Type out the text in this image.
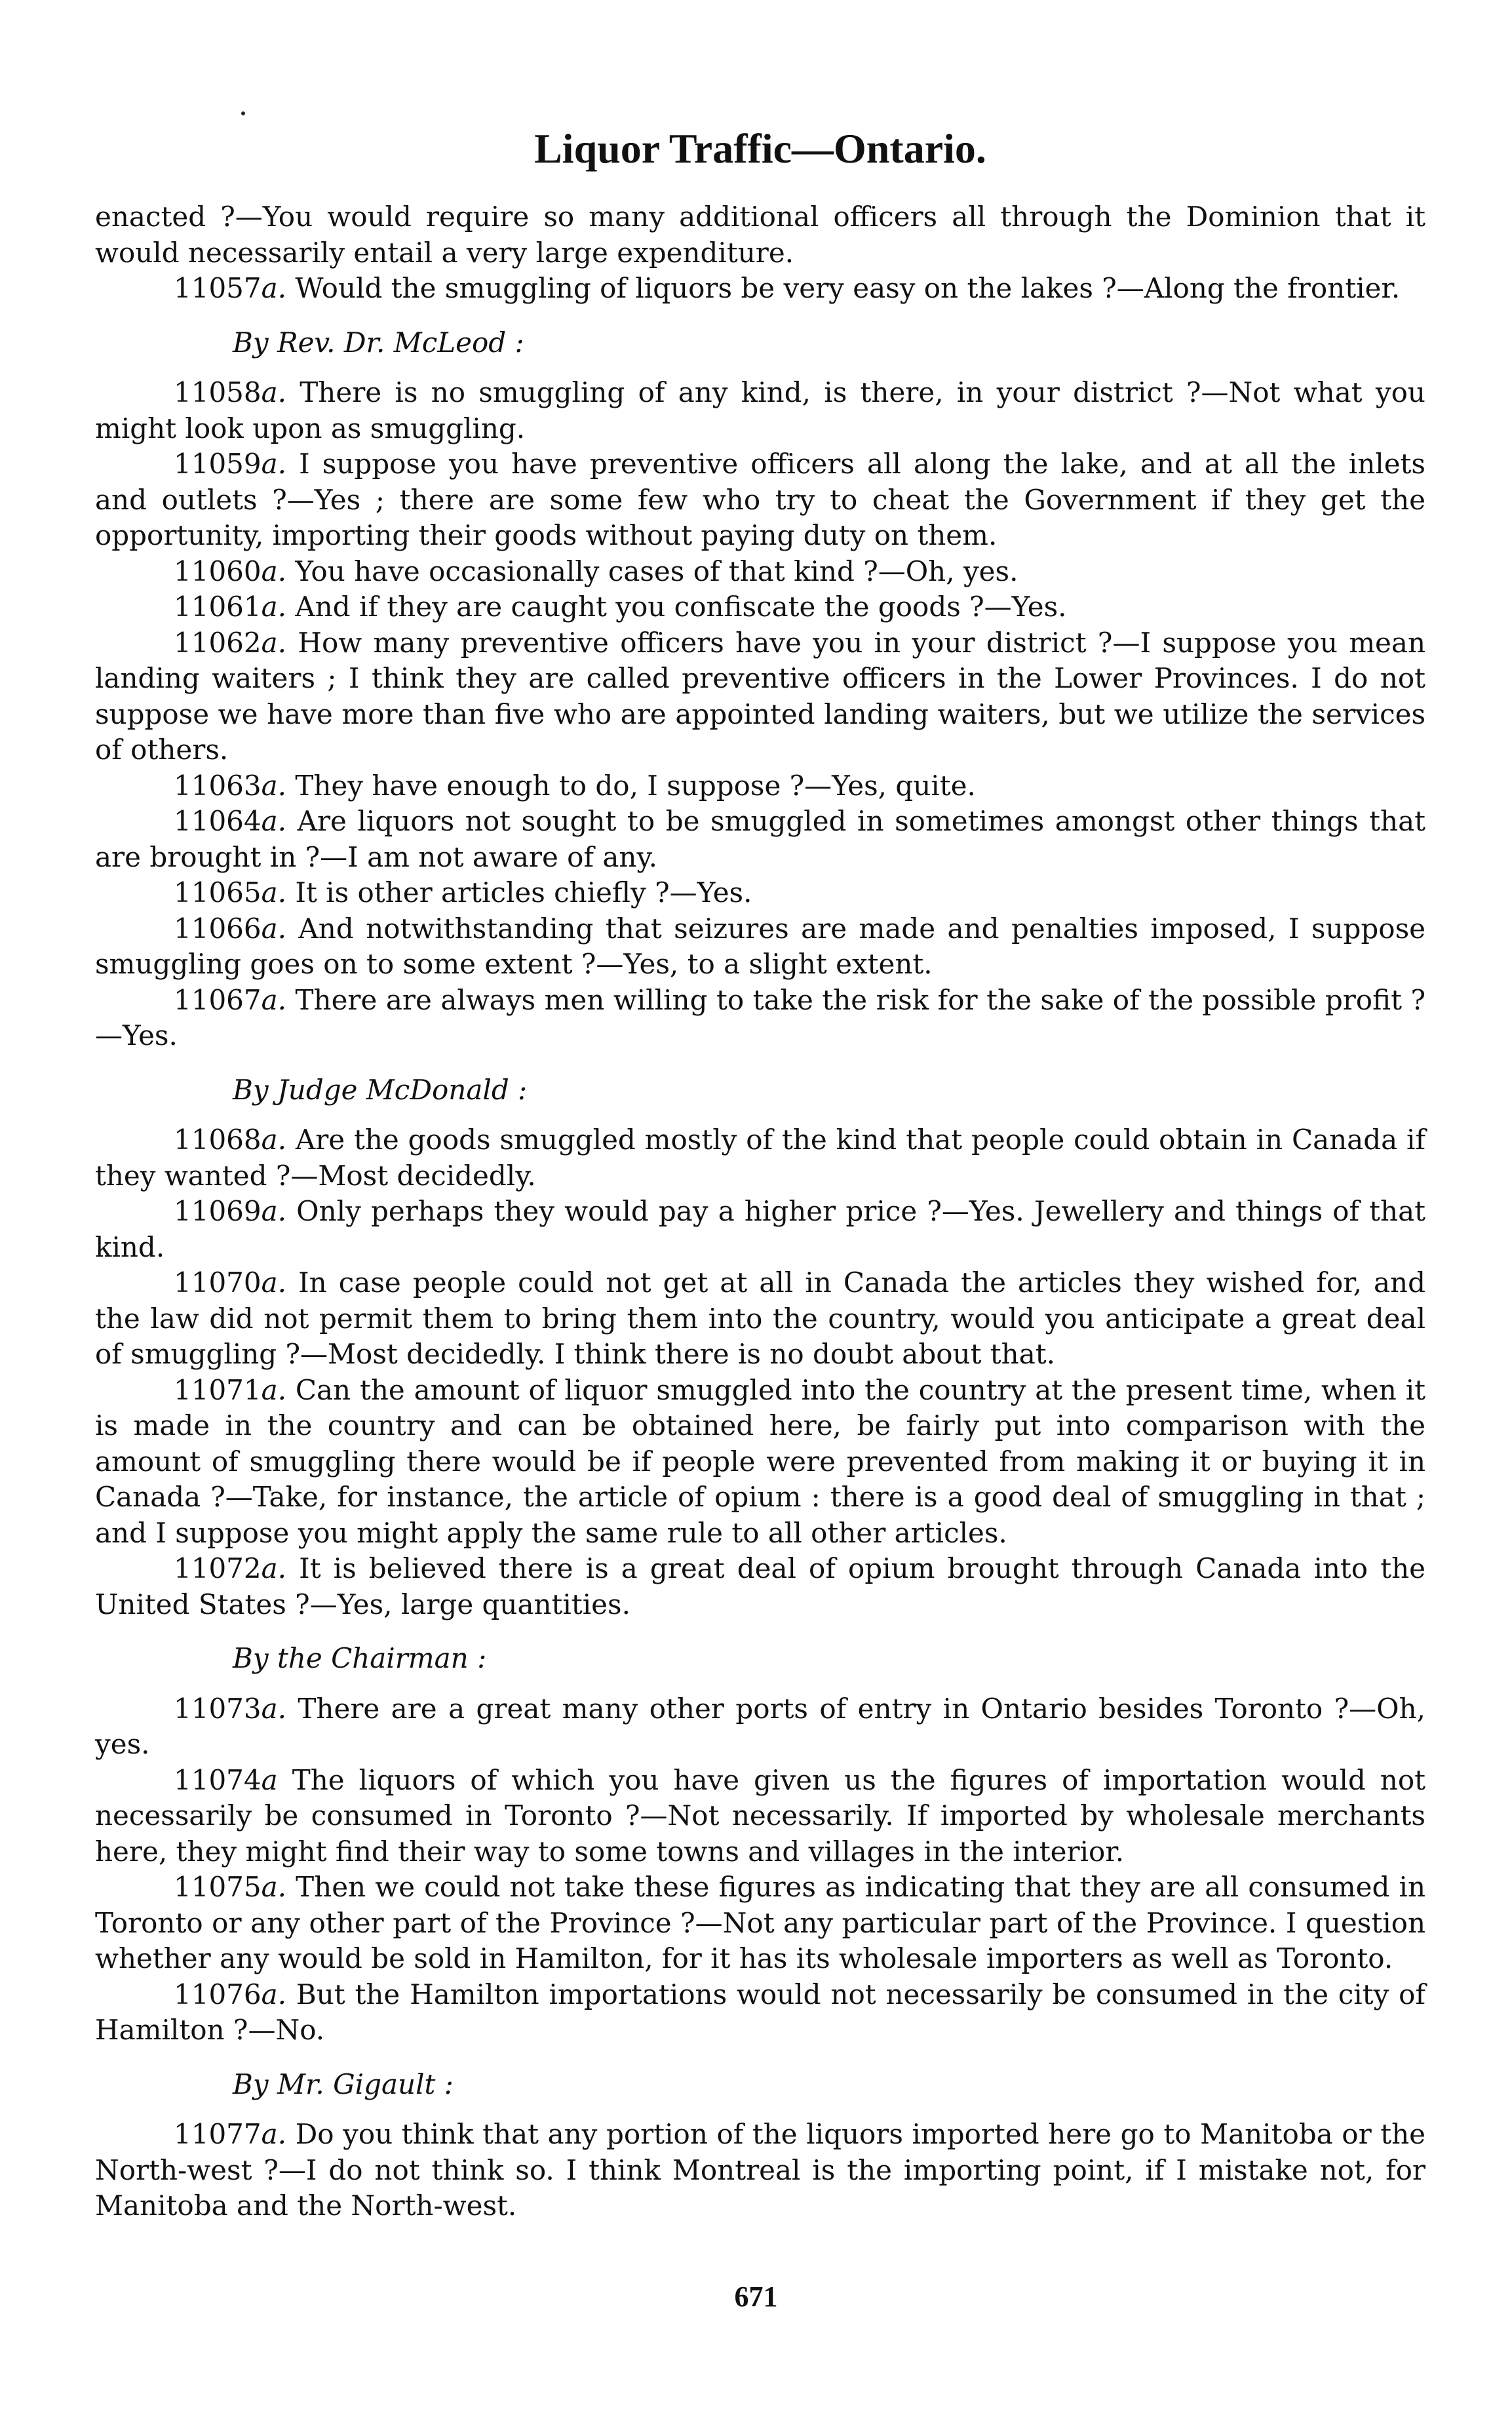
Liquor Traffic—Ontario.

enacted ?—You would require so many additional officers all through the Dominion that it would necessarily entail a very large expenditure.

11057a. Would the smuggling of liquors be very easy on the lakes ?—Along the frontier.

By Rev. Dr. McLeod :

11058a. There is no smuggling of any kind, is there, in your district ?—Not what you might look upon as smuggling.

11059a. I suppose you have preventive officers all along the lake, and at all the inlets and outlets ?—Yes ; there are some few who try to cheat the Government if they get the opportunity, importing their goods without paying duty on them.

11060a. You have occasionally cases of that kind ?—Oh, yes.

11061a. And if they are caught you confiscate the goods ?—Yes.

11062a. How many preventive officers have you in your district ?—I suppose you mean landing waiters ; I think they are called preventive officers in the Lower Provinces. I do not suppose we have more than five who are appointed landing waiters, but we utilize the services of others.

11063a. They have enough to do, I suppose ?—Yes, quite.

11064a. Are liquors not sought to be smuggled in sometimes amongst other things that are brought in ?—I am not aware of any.

11065a. It is other articles chiefly ?—Yes.

11066a. And notwithstanding that seizures are made and penalties imposed, I suppose smuggling goes on to some extent ?—Yes, to a slight extent.

11067a. There are always men willing to take the risk for the sake of the possible profit ?—Yes.

By Judge McDonald :

11068a. Are the goods smuggled mostly of the kind that people could obtain in Canada if they wanted ?—Most decidedly.

11069a. Only perhaps they would pay a higher price ?—Yes. Jewellery and things of that kind.

11070a. In case people could not get at all in Canada the articles they wished for, and the law did not permit them to bring them into the country, would you anticipate a great deal of smuggling ?—Most decidedly. I think there is no doubt about that.

11071a. Can the amount of liquor smuggled into the country at the present time, when it is made in the country and can be obtained here, be fairly put into comparison with the amount of smuggling there would be if people were prevented from making it or buying it in Canada ?—Take, for instance, the article of opium : there is a good deal of smuggling in that ; and I suppose you might apply the same rule to all other articles.

11072a. It is believed there is a great deal of opium brought through Canada into the United States ?—Yes, large quantities.

By the Chairman :

11073a. There are a great many other ports of entry in Ontario besides Toronto ?—Oh, yes.

11074a The liquors of which you have given us the figures of importation would not necessarily be consumed in Toronto ?—Not necessarily. If imported by wholesale merchants here, they might find their way to some towns and villages in the interior.

11075a. Then we could not take these figures as indicating that they are all consumed in Toronto or any other part of the Province ?—Not any particular part of the Province. I question whether any would be sold in Hamilton, for it has its wholesale importers as well as Toronto.

11076a. But the Hamilton importations would not necessarily be consumed in the city of Hamilton ?—No.

By Mr. Gigault :

11077a. Do you think that any portion of the liquors imported here go to Manitoba or the North-west ?—I do not think so. I think Montreal is the importing point, if I mistake not, for Manitoba and the North-west.

671
